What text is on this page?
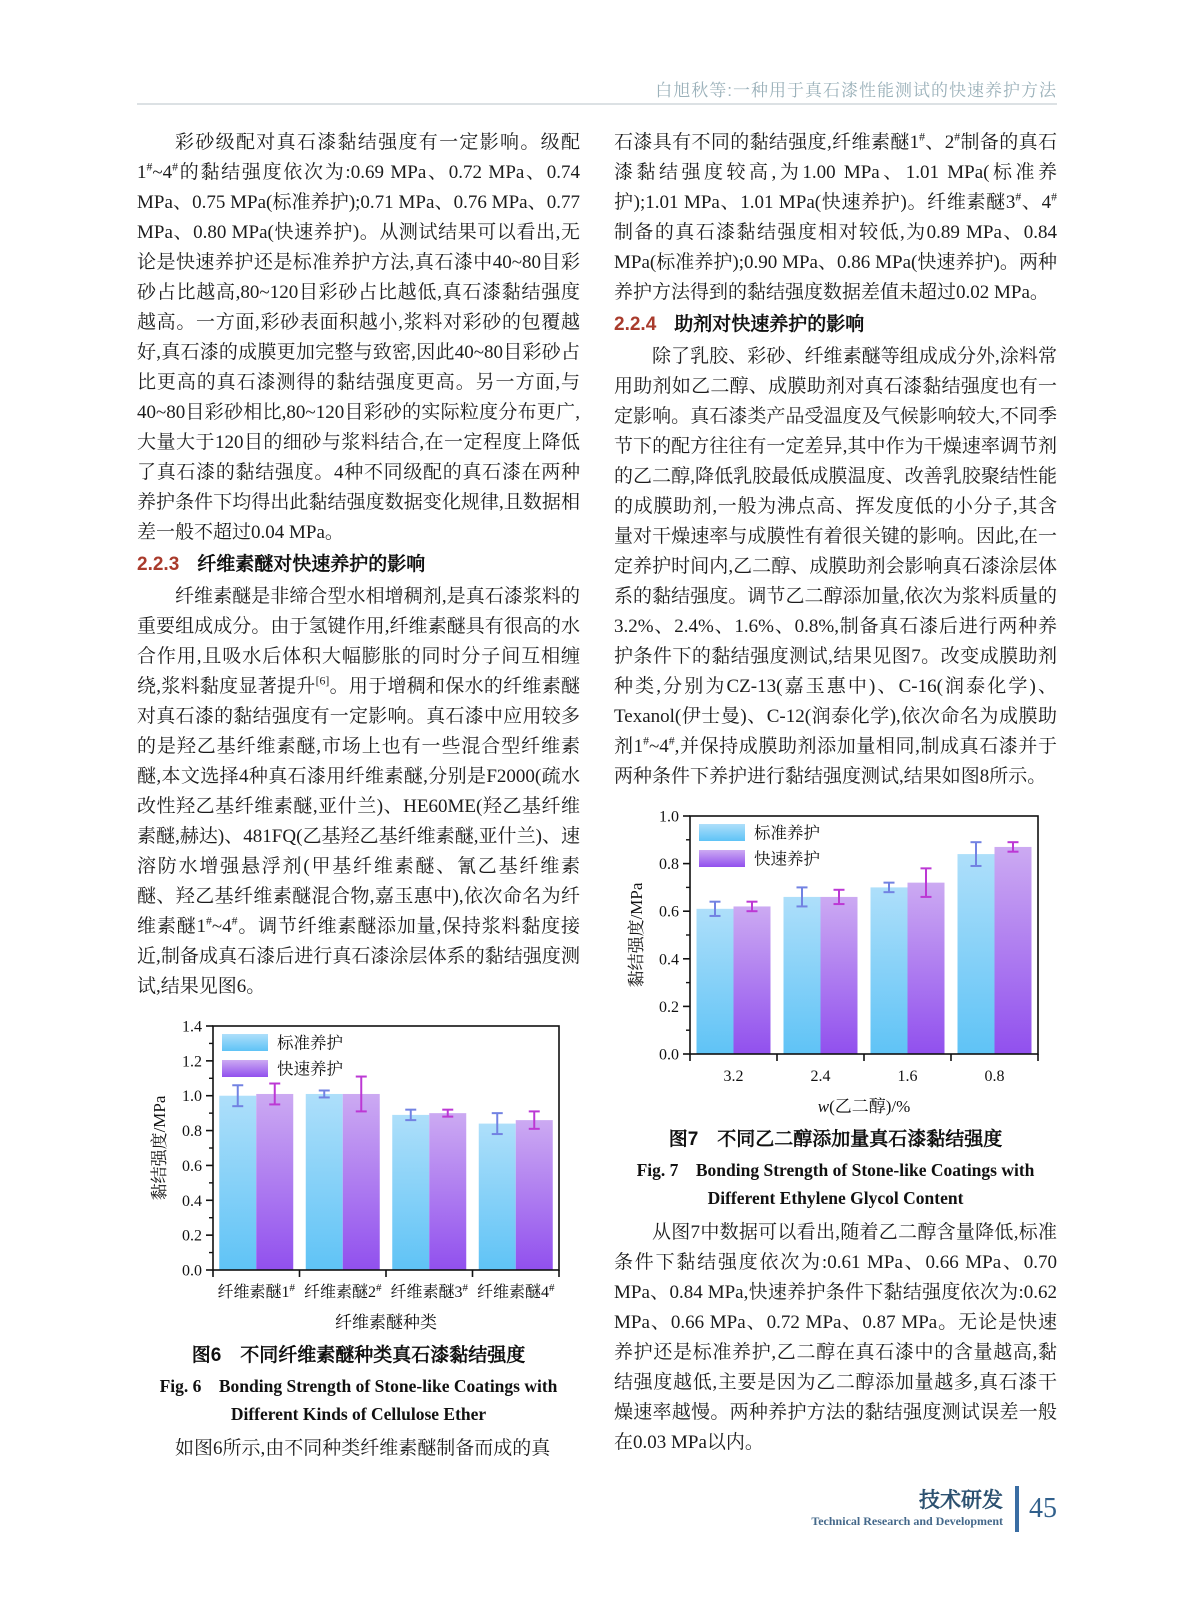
白旭秋等:一种用于真石漆性能测试的快速养护方法

彩砂级配对真石漆黏结强度有一定影响。级配1#~4#的黏结强度依次为:0.69 MPa、0.72 MPa、0.74 MPa、0.75 MPa(标准养护);0.71 MPa、0.76 MPa、0.77 MPa、0.80 MPa(快速养护)。从测试结果可以看出,无论是快速养护还是标准养护方法,真石漆中40~80目彩砂占比越高,80~120目彩砂占比越低,真石漆黏结强度越高。一方面,彩砂表面积越小,浆料对彩砂的包覆越好,真石漆的成膜更加完整与致密,因此40~80目彩砂占比更高的真石漆测得的黏结强度更高。另一方面,与40~80目彩砂相比,80~120目彩砂的实际粒度分布更广,大量大于120目的细砂与浆料结合,在一定程度上降低了真石漆的黏结强度。4种不同级配的真石漆在两种养护条件下均得出此黏结强度数据变化规律,且数据相差一般不超过0.04 MPa。

2.2.3 纤维素醚对快速养护的影响

纤维素醚是非缔合型水相增稠剂,是真石漆浆料的重要组成成分。由于氢键作用,纤维素醚具有很高的水合作用,且吸水后体积大幅膨胀的同时分子间互相缠绕,浆料黏度显著提升[6]。用于增稠和保水的纤维素醚对真石漆的黏结强度有一定影响。真石漆中应用较多的是羟乙基纤维素醚,市场上也有一些混合型纤维素醚,本文选择4种真石漆用纤维素醚,分别是F2000(疏水改性羟乙基纤维素醚,亚什兰)、HE60ME(羟乙基纤维素醚,赫达)、481FQ(乙基羟乙基纤维素醚,亚什兰)、速溶防水增强悬浮剂(甲基纤维素醚、氰乙基纤维素醚、羟乙基纤维素醚混合物,嘉玉惠中),依次命名为纤维素醚1#~4#。调节纤维素醚添加量,保持浆料黏度接近,制备成真石漆后进行真石漆涂层体系的黏结强度测试,结果见图6。

0.0
0.2
0.4
0.6
0.8
1.0
1.2
1.4
纤维素醚1# 纤维素醚2# 纤维素醚3# 纤维素醚4#
黏结强度/MPa
纤维素醚种类
标准养护
快速养护

图6　不同纤维素醚种类真石漆黏结强度

Fig. 6　Bonding Strength of Stone-like Coatings with Different Kinds of Cellulose Ether

如图6所示,由不同种类纤维素醚制备而成的真

石漆具有不同的黏结强度,纤维素醚1#、2#制备的真石漆黏结强度较高,为1.00 MPa、1.01 MPa(标准养护);1.01 MPa、1.01 MPa(快速养护)。纤维素醚3#、4#制备的真石漆黏结强度相对较低,为0.89 MPa、0.84 MPa(标准养护);0.90 MPa、0.86 MPa(快速养护)。两种养护方法得到的黏结强度数据差值未超过0.02 MPa。

2.2.4 助剂对快速养护的影响

除了乳胶、彩砂、纤维素醚等组成成分外,涂料常用助剂如乙二醇、成膜助剂对真石漆黏结强度也有一定影响。真石漆类产品受温度及气候影响较大,不同季节下的配方往往有一定差异,其中作为干燥速率调节剂的乙二醇,降低乳胶最低成膜温度、改善乳胶聚结性能的成膜助剂,一般为沸点高、挥发度低的小分子,其含量对干燥速率与成膜性有着很关键的影响。因此,在一定养护时间内,乙二醇、成膜助剂会影响真石漆涂层体系的黏结强度。调节乙二醇添加量,依次为浆料质量的3.2%、2.4%、1.6%、0.8%,制备真石漆后进行两种养护条件下的黏结强度测试,结果见图7。改变成膜助剂种类,分别为CZ-13(嘉玉惠中)、C-16(润泰化学)、Texanol(伊士曼)、C-12(润泰化学),依次命名为成膜助剂1#~4#,并保持成膜助剂添加量相同,制成真石漆并于两种条件下养护进行黏结强度测试,结果如图8所示。

0.0
0.2
0.4
0.6
0.8
1.0
3.2	2.4	1.6	0.8
黏结强度/MPa
w(乙二醇)/%
标准养护
快速养护

图7　不同乙二醇添加量真石漆黏结强度

Fig. 7　Bonding Strength of Stone-like Coatings with Different Ethylene Glycol Content

从图7中数据可以看出,随着乙二醇含量降低,标准条件下黏结强度依次为:0.61 MPa、0.66 MPa、0.70 MPa、0.84 MPa,快速养护条件下黏结强度依次为:0.62 MPa、0.66 MPa、0.72 MPa、0.87 MPa。无论是快速养护还是标准养护,乙二醇在真石漆中的含量越高,黏结强度越低,主要是因为乙二醇添加量越多,真石漆干燥速率越慢。两种养护方法的黏结强度测试误差一般在0.03 MPa以内。

技术研发
Technical Research and Development 45
